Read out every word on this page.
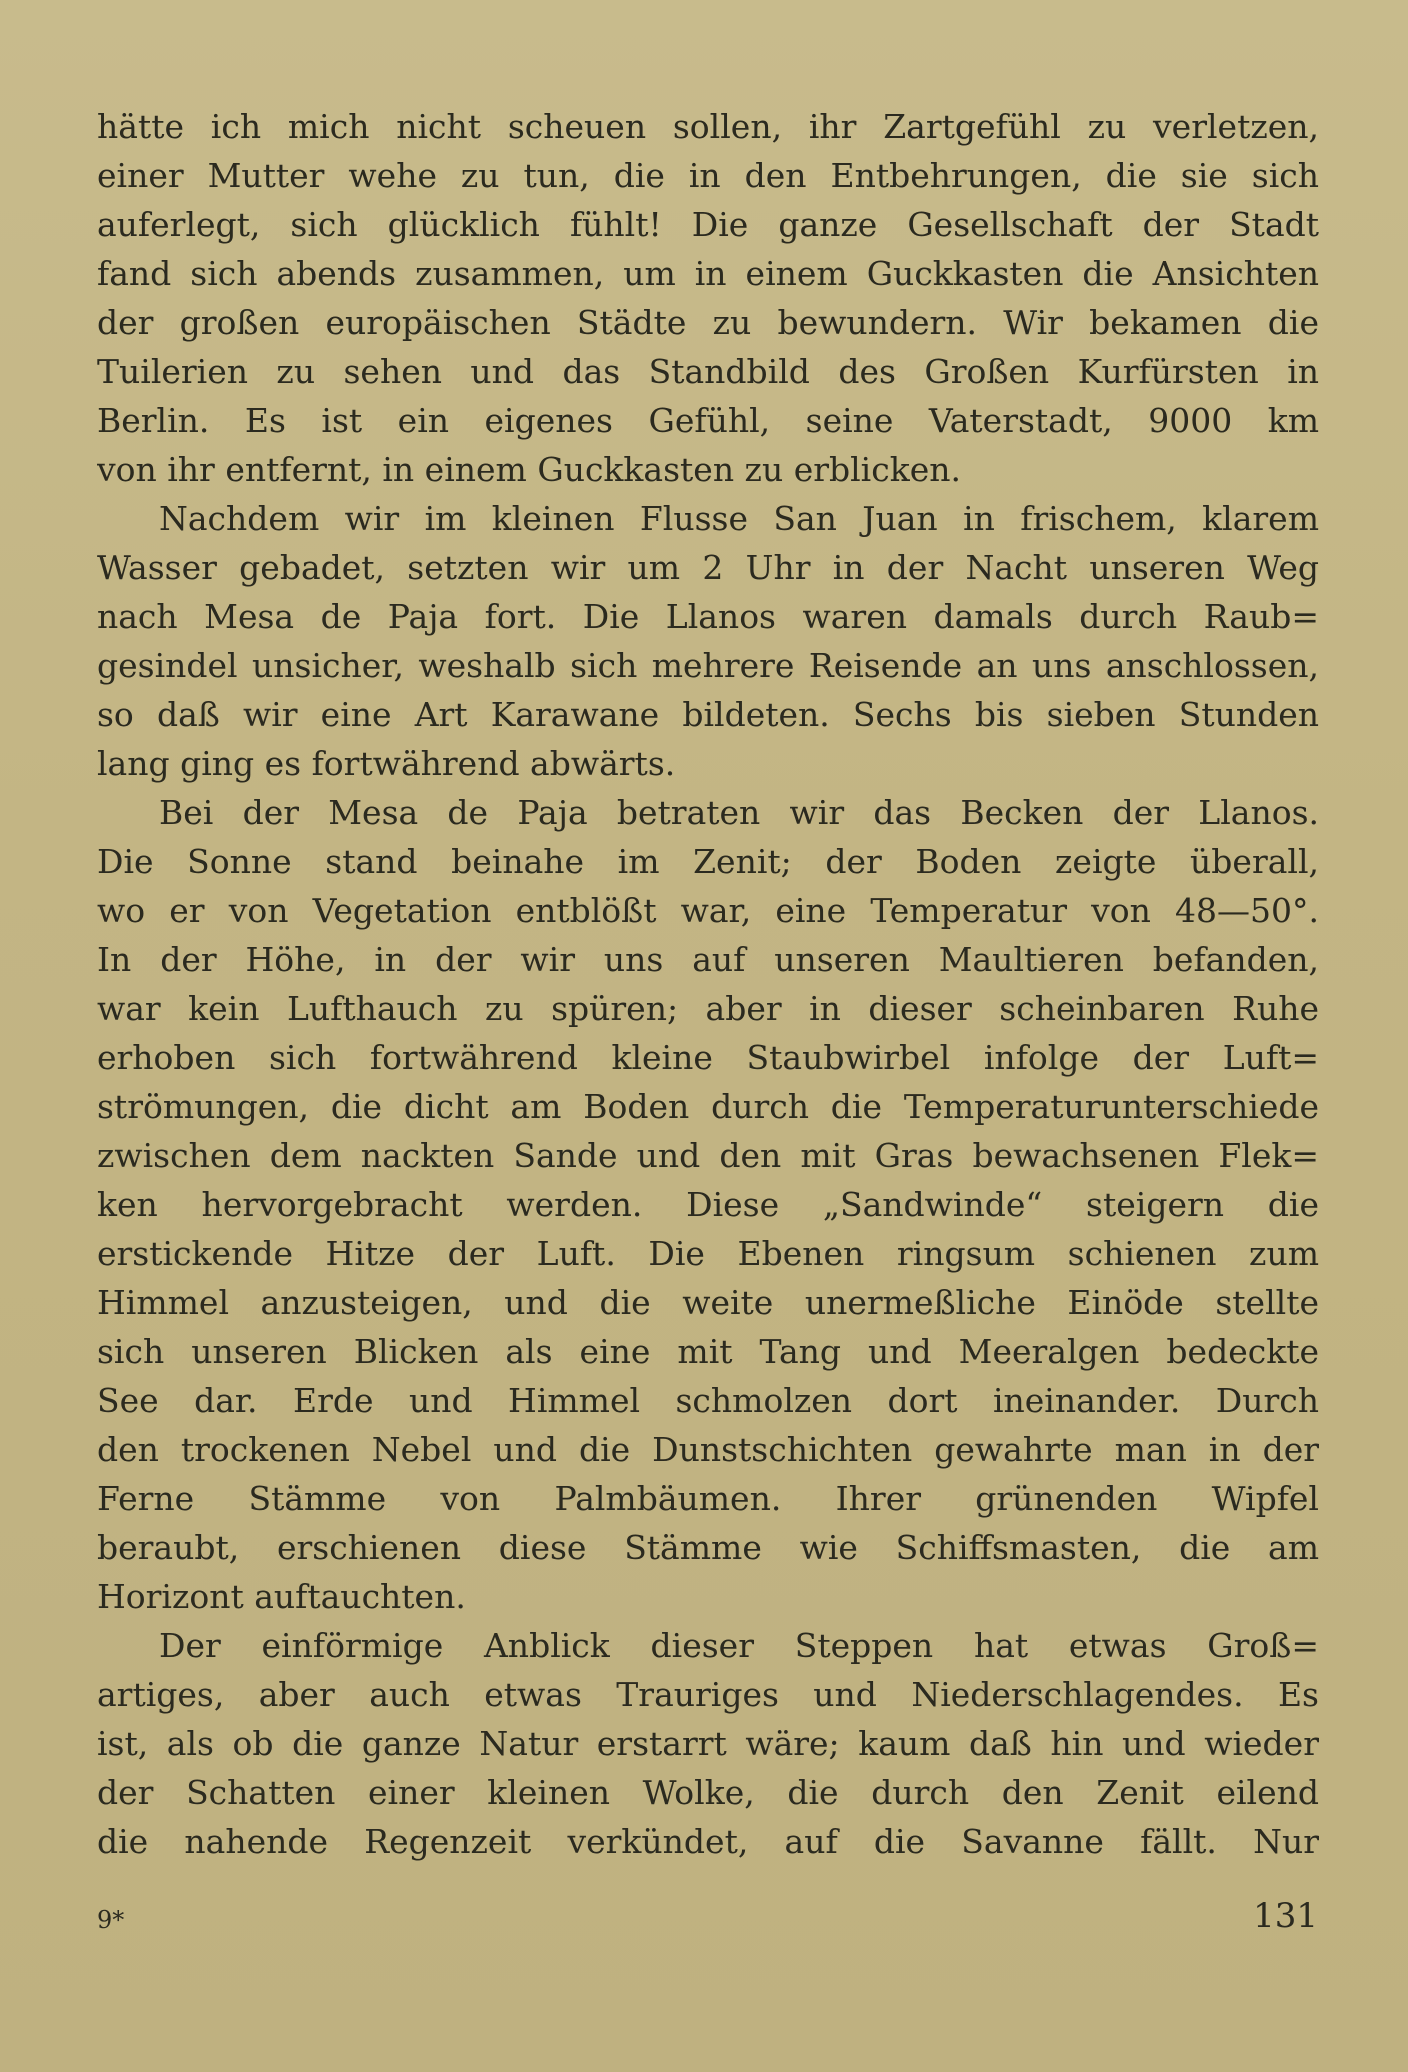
hätte ich mich nicht scheuen sollen, ihr Zartgefühl zu verletzen,
einer Mutter wehe zu tun, die in den Entbehrungen, die sie sich
auferlegt, sich glücklich fühlt! Die ganze Gesellschaft der Stadt
fand sich abends zusammen, um in einem Guckkasten die Ansichten
der großen europäischen Städte zu bewundern. Wir bekamen die
Tuilerien zu sehen und das Standbild des Großen Kurfürsten in
Berlin. Es ist ein eigenes Gefühl, seine Vaterstadt, 9000 km
von ihr entfernt, in einem Guckkasten zu erblicken.
Nachdem wir im kleinen Flusse San Juan in frischem, klarem
Wasser gebadet, setzten wir um 2 Uhr in der Nacht unseren Weg
nach Mesa de Paja fort. Die Llanos waren damals durch Raub=
gesindel unsicher, weshalb sich mehrere Reisende an uns anschlossen,
so daß wir eine Art Karawane bildeten. Sechs bis sieben Stunden
lang ging es fortwährend abwärts.
Bei der Mesa de Paja betraten wir das Becken der Llanos.
Die Sonne stand beinahe im Zenit; der Boden zeigte überall,
wo er von Vegetation entblößt war, eine Temperatur von 48—50°.
In der Höhe, in der wir uns auf unseren Maultieren befanden,
war kein Lufthauch zu spüren; aber in dieser scheinbaren Ruhe
erhoben sich fortwährend kleine Staubwirbel infolge der Luft=
strömungen, die dicht am Boden durch die Temperaturunterschiede
zwischen dem nackten Sande und den mit Gras bewachsenen Flek=
ken hervorgebracht werden. Diese „Sandwinde“ steigern die
erstickende Hitze der Luft. Die Ebenen ringsum schienen zum
Himmel anzusteigen, und die weite unermeßliche Einöde stellte
sich unseren Blicken als eine mit Tang und Meeralgen bedeckte
See dar. Erde und Himmel schmolzen dort ineinander. Durch
den trockenen Nebel und die Dunstschichten gewahrte man in der
Ferne Stämme von Palmbäumen. Ihrer grünenden Wipfel
beraubt, erschienen diese Stämme wie Schiffsmasten, die am
Horizont auftauchten.
Der einförmige Anblick dieser Steppen hat etwas Groß=
artiges, aber auch etwas Trauriges und Niederschlagendes. Es
ist, als ob die ganze Natur erstarrt wäre; kaum daß hin und wieder
der Schatten einer kleinen Wolke, die durch den Zenit eilend
die nahende Regenzeit verkündet, auf die Savanne fällt. Nur
9*	131
